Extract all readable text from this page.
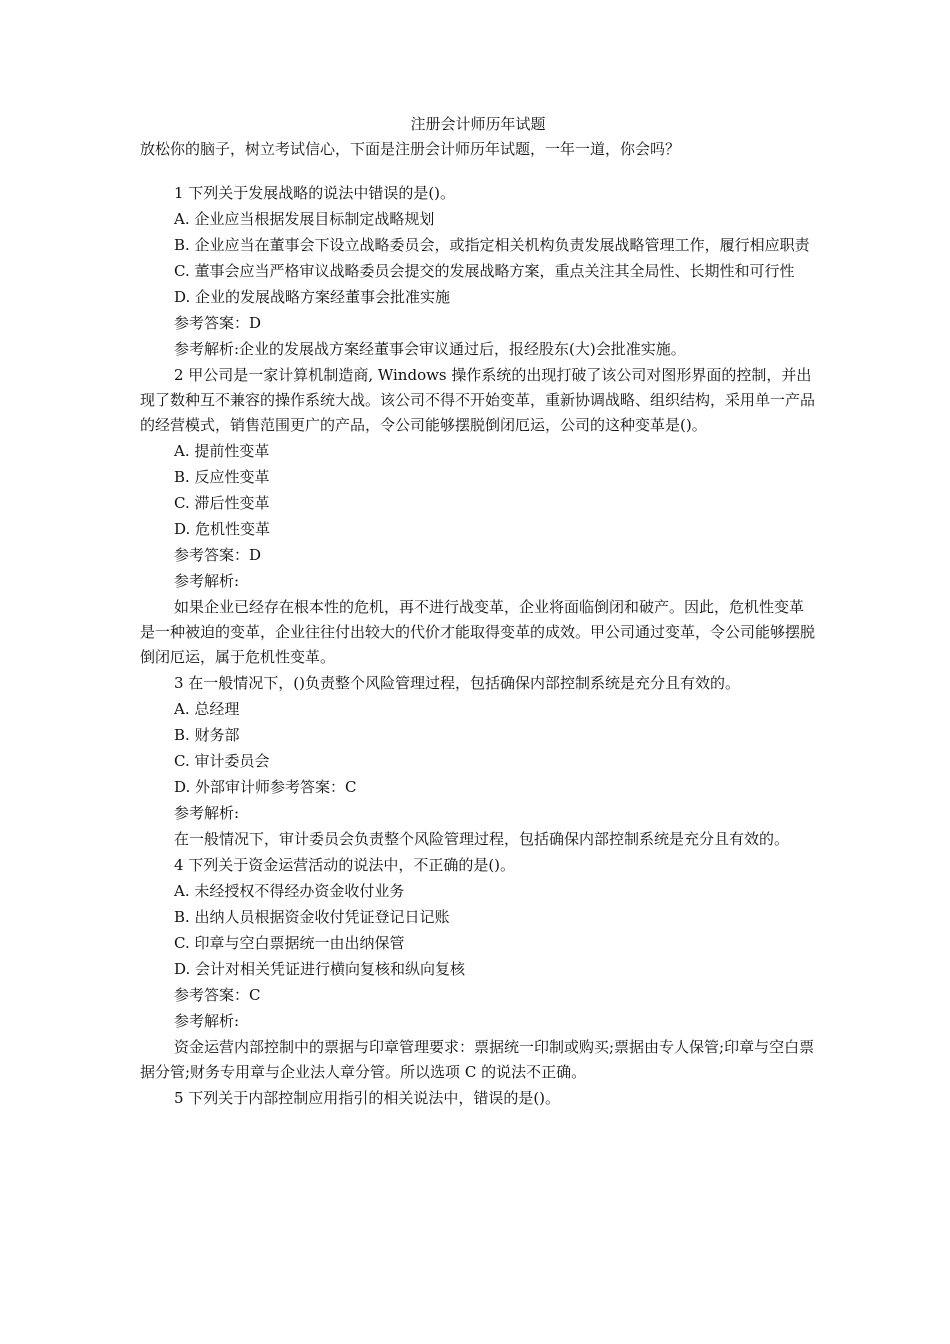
注册会计师历年试题
放松你的脑子，树立考试信心，下面是注册会计师历年试题，一年一道，你会吗？

1 下列关于发展战略的说法中错误的是()。

A. 企业应当根据发展目标制定战略规划

B. 企业应当在董事会下设立战略委员会，或指定相关机构负责发展战略管理工作，履行相应职责

C. 董事会应当严格审议战略委员会提交的发展战略方案，重点关注其全局性、长期性和可行性

D. 企业的发展战略方案经董事会批准实施

参考答案：D

参考解析:企业的发展战方案经董事会审议通过后，报经股东(大)会批准实施。

2 甲公司是一家计算机制造商, Windows 操作系统的出现打破了该公司对图形界面的控制，并出现了数种互不兼容的操作系统大战。该公司不得不开始变革，重新协调战略、组织结构，采用单一产品的经营模式，销售范围更广的产品，令公司能够摆脱倒闭厄运，公司的这种变革是()。

A. 提前性变革

B. 反应性变革

C. 滞后性变革

D. 危机性变革

参考答案：D

参考解析:

如果企业已经存在根本性的危机，再不进行战变革，企业将面临倒闭和破产。因此，危机性变革是一种被迫的变革，企业往往付出较大的代价才能取得变革的成效。甲公司通过变革，令公司能够摆脱倒闭厄运，属于危机性变革。

3 在一般情况下，()负责整个风险管理过程，包括确保内部控制系统是充分且有效的。

A. 总经理

B. 财务部

C. 审计委员会

D. 外部审计师参考答案：C

参考解析:

在一般情况下，审计委员会负责整个风险管理过程，包括确保内部控制系统是充分且有效的。

4 下列关于资金运营活动的说法中，不正确的是()。

A. 未经授权不得经办资金收付业务

B. 出纳人员根据资金收付凭证登记日记账

C. 印章与空白票据统一由出纳保管

D. 会计对相关凭证进行横向复核和纵向复核

参考答案：C

参考解析:

资金运营内部控制中的票据与印章管理要求：票据统一印制或购买;票据由专人保管;印章与空白票据分管;财务专用章与企业法人章分管。所以选项 C 的说法不正确。

5 下列关于内部控制应用指引的相关说法中，错误的是()。
